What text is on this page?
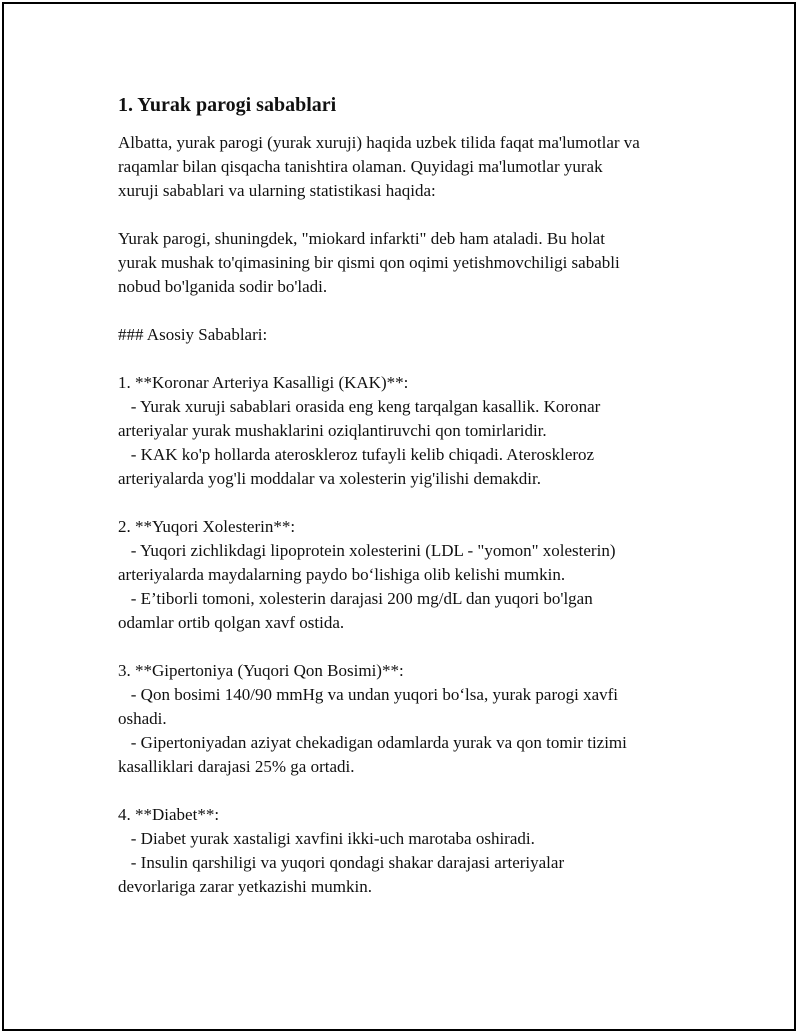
1. Yurak parogi sabablari
Albatta, yurak parogi (yurak xuruji) haqida uzbek tilida faqat ma'lumotlar va
raqamlar bilan qisqacha tanishtira olaman. Quyidagi ma'lumotlar yurak
xuruji sabablari va ularning statistikasi haqida:

Yurak parogi, shuningdek, "miokard infarkti" deb ham ataladi. Bu holat
yurak mushak to'qimasining bir qismi qon oqimi yetishmovchiligi sababli
nobud bo'lganida sodir bo'ladi.

### Asosiy Sabablari:

1. **Koronar Arteriya Kasalligi (KAK)**:
- Yurak xuruji sabablari orasida eng keng tarqalgan kasallik. Koronar
arteriyalar yurak mushaklarini oziqlantiruvchi qon tomirlaridir.
- KAK ko'p hollarda ateroskleroz tufayli kelib chiqadi. Ateroskleroz
arteriyalarda yog'li moddalar va xolesterin yig'ilishi demakdir.

2. **Yuqori Xolesterin**:
- Yuqori zichlikdagi lipoprotein xolesterini (LDL - "yomon" xolesterin)
arteriyalarda maydalarning paydo bo‘lishiga olib kelishi mumkin.
- E’tiborli tomoni, xolesterin darajasi 200 mg/dL dan yuqori bo'lgan
odamlar ortib qolgan xavf ostida.

3. **Gipertoniya (Yuqori Qon Bosimi)**:
- Qon bosimi 140/90 mmHg va undan yuqori bo‘lsa, yurak parogi xavfi
oshadi.
- Gipertoniyadan aziyat chekadigan odamlarda yurak va qon tomir tizimi
kasalliklari darajasi 25% ga ortadi.

4. **Diabet**:
- Diabet yurak xastaligi xavfini ikki-uch marotaba oshiradi.
- Insulin qarshiligi va yuqori qondagi shakar darajasi arteriyalar
devorlariga zarar yetkazishi mumkin.
